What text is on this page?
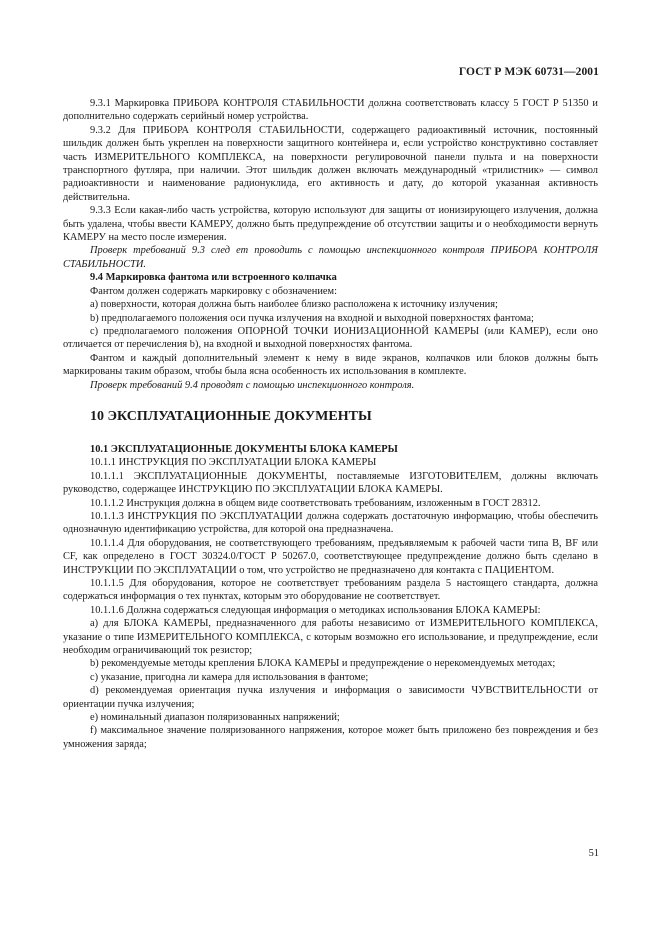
ГОСТ Р МЭК 60731—2001

9.3.1 Маркировка ПРИБОРА КОНТРОЛЯ СТАБИЛЬНОСТИ должна соответствовать классу 5 ГОСТ Р 51350 и дополнительно содержать серийный номер устройства.

9.3.2 Для ПРИБОРА КОНТРОЛЯ СТАБИЛЬНОСТИ, содержащего радиоактивный источник, постоянный шильдик должен быть укреплен на поверхности защитного контейнера и, если устройство конструктивно составляет часть ИЗМЕРИТЕЛЬНОГО КОМПЛЕКСА, на поверхности регулировочной панели пульта и на поверхности транспортного футляра, при наличии. Этот шильдик должен включать международный «трилистник» — символ радиоактивности и наименование радионуклида, его активность и дату, до которой указанная активность действительна.

9.3.3 Если какая-либо часть устройства, которую используют для защиты от ионизирующего излучения, должна быть удалена, чтобы ввести КАМЕРУ, должно быть предупреждение об отсутствии защиты и о необходимости вернуть КАМЕРУ на место после измерения.

Проверк требований 9.3 след ет проводить с помощью инспекционного контроля ПРИБОРА КОНТРОЛЯ СТАБИЛЬНОСТИ.

9.4 Маркировка фантома или встроенного колпачка

Фантом должен содержать маркировку с обозначением:

a) поверхности, которая должна быть наиболее близко расположена к источнику излучения;

b) предполагаемого положения оси пучка излучения на входной и выходной поверхностях фантома;

c) предполагаемого положения ОПОРНОЙ ТОЧКИ ИОНИЗАЦИОННОЙ КАМЕРЫ (или КАМЕР), если оно отличается от перечисления b), на входной и выходной поверхностях фантома.

Фантом и каждый дополнительный элемент к нему в виде экранов, колпачков или блоков должны быть маркированы таким образом, чтобы была ясна особенность их использования в комплекте.

Проверк требований 9.4 проводят с помощью инспекционного контроля.

10 ЭКСПЛУАТАЦИОННЫЕ ДОКУМЕНТЫ

10.1 ЭКСПЛУАТАЦИОННЫЕ ДОКУМЕНТЫ БЛОКА КАМЕРЫ

10.1.1 ИНСТРУКЦИЯ ПО ЭКСПЛУАТАЦИИ БЛОКА КАМЕРЫ

10.1.1.1 ЭКСПЛУАТАЦИОННЫЕ ДОКУМЕНТЫ, поставляемые ИЗГОТОВИТЕЛЕМ, должны включать руководство, содержащее ИНСТРУКЦИЮ ПО ЭКСПЛУАТАЦИИ БЛОКА КАМЕРЫ.

10.1.1.2 Инструкция должна в общем виде соответствовать требованиям, изложенным в ГОСТ 28312.

10.1.1.3 ИНСТРУКЦИЯ ПО ЭКСПЛУАТАЦИИ должна содержать достаточную информацию, чтобы обеспечить однозначную идентификацию устройства, для которой она предназначена.

10.1.1.4 Для оборудования, не соответствующего требованиям, предъявляемым к рабочей части типа B, BF или CF, как определено в ГОСТ 30324.0/ГОСТ Р 50267.0, соответствующее предупреждение должно быть сделано в ИНСТРУКЦИИ ПО ЭКСПЛУАТАЦИИ о том, что устройство не предназначено для контакта с ПАЦИЕНТОМ.

10.1.1.5 Для оборудования, которое не соответствует требованиям раздела 5 настоящего стандарта, должна содержаться информация о тех пунктах, которым это оборудование не соответствует.

10.1.1.6 Должна содержаться следующая информация о методиках использования БЛОКА КАМЕРЫ:

a) для БЛОКА КАМЕРЫ, предназначенного для работы независимо от ИЗМЕРИТЕЛЬНОГО КОМПЛЕКСА, указание о типе ИЗМЕРИТЕЛЬНОГО КОМПЛЕКСА, с которым возможно его использование, и предупреждение, если необходим ограничивающий ток резистор;

b) рекомендуемые методы крепления БЛОКА КАМЕРЫ и предупреждение о нерекомендуемых методах;

c) указание, пригодна ли камера для использования в фантоме;

d) рекомендуемая ориентация пучка излучения и информация о зависимости ЧУВСТВИТЕЛЬНОСТИ от ориентации пучка излучения;

e) номинальный диапазон поляризованных напряжений;

f) максимальное значение поляризованного напряжения, которое может быть приложено без повреждения и без умножения заряда;

51
